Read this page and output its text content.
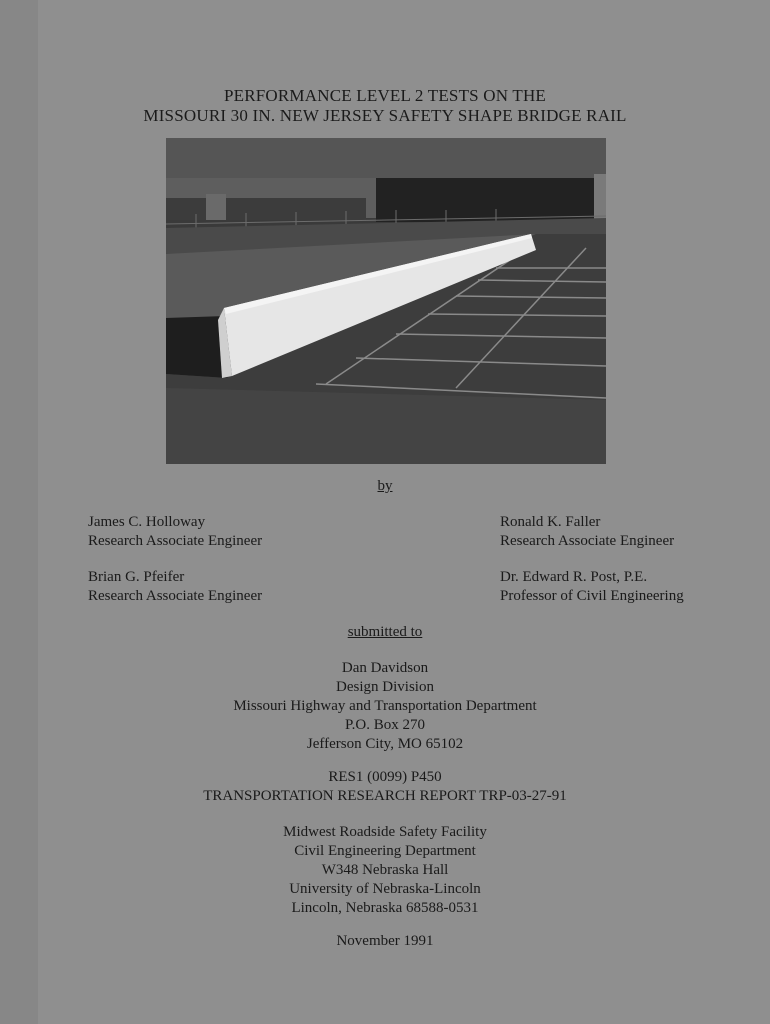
PERFORMANCE LEVEL 2 TESTS ON THE
MISSOURI 30 IN. NEW JERSEY SAFETY SHAPE BRIDGE RAIL
by
James C. Holloway
Research Associate Engineer
Ronald K. Faller
Research Associate Engineer
Brian G. Pfeifer
Research Associate Engineer
Dr. Edward R. Post, P.E.
Professor of Civil Engineering
submitted to
Dan Davidson
Design Division
Missouri Highway and Transportation Department
P.O. Box 270
Jefferson City, MO 65102
RES1 (0099) P450
TRANSPORTATION RESEARCH REPORT TRP-03-27-91
Midwest Roadside Safety Facility
Civil Engineering Department
W348 Nebraska Hall
University of Nebraska-Lincoln
Lincoln, Nebraska 68588-0531
November 1991
